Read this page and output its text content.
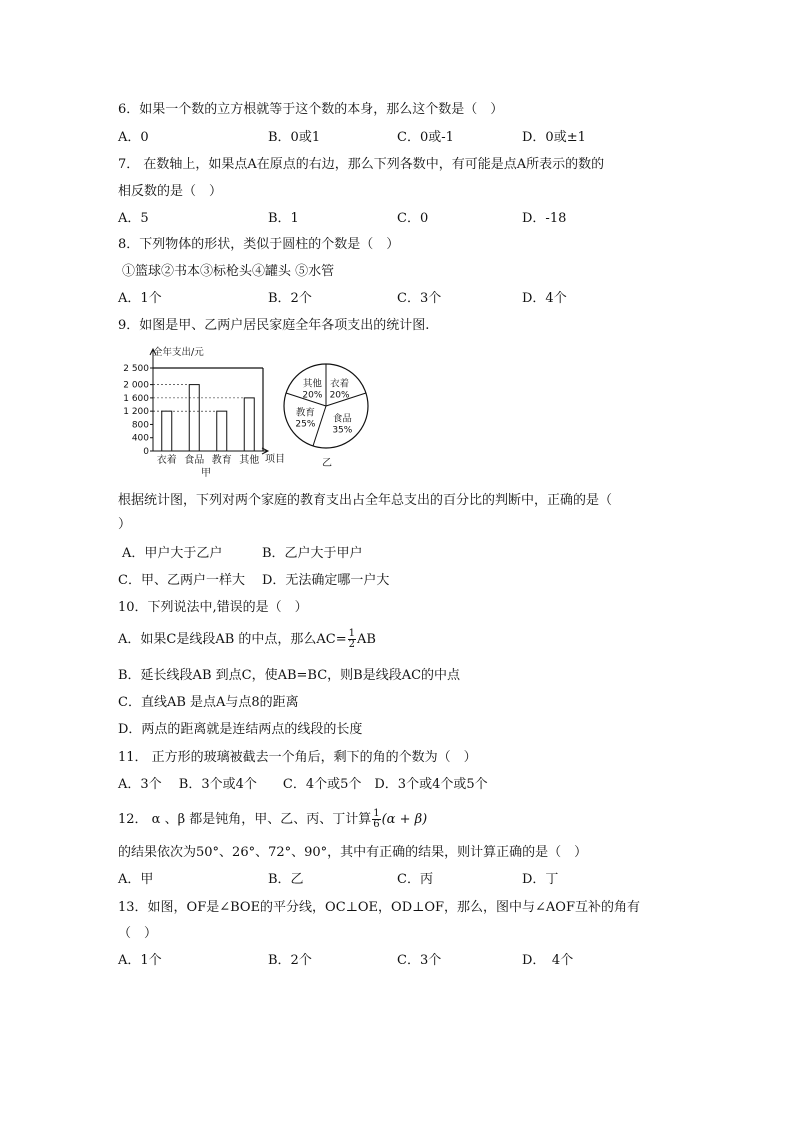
6．如果一个数的立方根就等于这个数的本身，那么这个数是（　）
A．0	B．0或1	C．0或-1	D．0或±1
7． 在数轴上，如果点A在原点的右边，那么下列各数中，有可能是点A所表示的数的
相反数的是（　）
A．5	B．1	C．0	D．-18
8．下列物体的形状，类似于圆柱的个数是（　）
①篮球②书本③标枪头④罐头 ⑤水管
A．1个	B．2个	C．3个	D．4个
9．如图是甲、乙两户居民家庭全年各项支出的统计图.
0
400
800
1 200
1 600
2 000
2 500
衣着 食品 教育 其他
全年支出/元
项目
甲
衣着
20%
食品
35%
教育
25%
其他
20%
乙
根据统计图，下列对两个家庭的教育支出占全年总支出的百分比的判断中，正确的是（
）
A．甲户大于乙户	B．乙户大于甲户
C．甲、乙两户一样大 D．无法确定哪一户大
10．下列说法中,错误的是（　）
A．如果C是线段AB 的中点，那么$AC= \frac{1}{2}$ AB
B．延长线段AB 到点C，使AB=BC，则B是线段AC的中点
C．直线AB 是点A与点8的距离
D．两点的距离就是连结两点的线段的长度
11． 正方形的玻璃被截去一个角后，剩下的角的个数为（　）
A．3个　 B．3个或4个　　C．4个或5个　D．3个或4个或5个
12． α 、β 都是钝角，甲、乙、丙、丁计算 $\frac{1}{6} (\alpha + \beta)$
的结果依次为50°、26°、72°、90°，其中有正确的结果，则计算正确的是（　）
A．甲	B．乙	C．丙	D．丁
13．如图，OF是∠BOE的平分线，OC⊥OE，OD⊥OF，那么，图中与∠AOF互补的角有
（　）
A．1个	B．2个	C．3个	D．　4个
